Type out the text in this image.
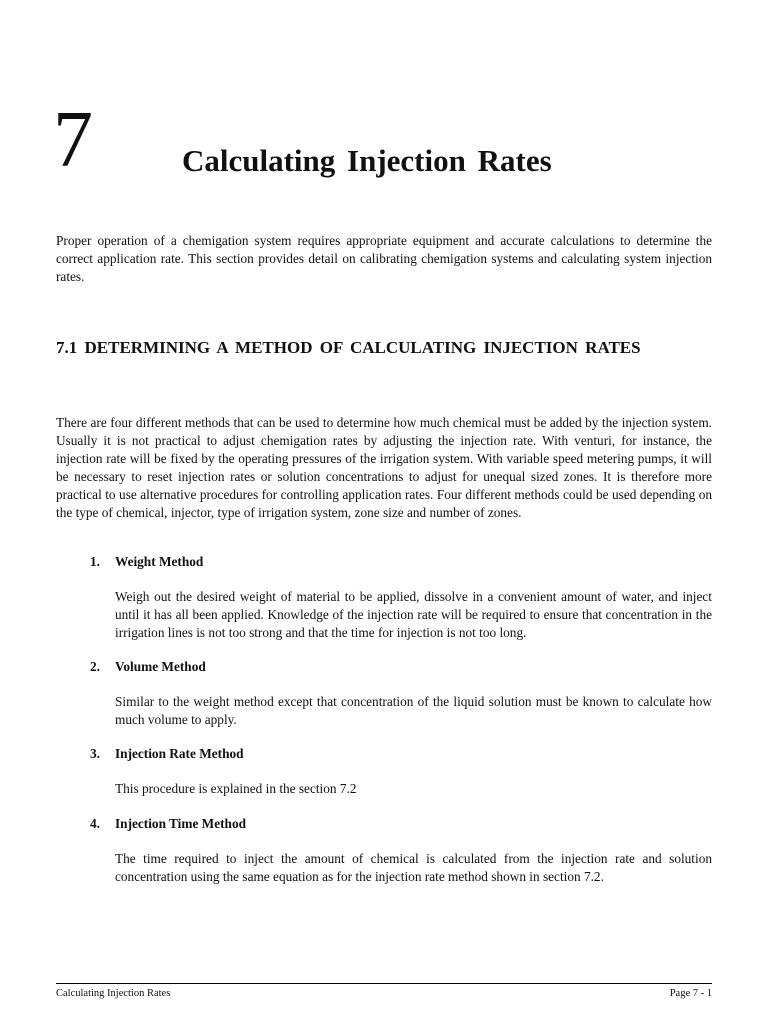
7	Calculating Injection Rates

Proper operation of a chemigation system requires appropriate equipment and accurate calculations to determine the correct application rate. This section provides detail on calibrating chemigation systems and calculating system injection rates.

7.1 DETERMINING A METHOD OF CALCULATING INJECTION RATES

There are four different methods that can be used to determine how much chemical must be added by the injection system. Usually it is not practical to adjust chemigation rates by adjusting the injection rate. With venturi, for instance, the injection rate will be fixed by the operating pressures of the irrigation system. With variable speed metering pumps, it will be necessary to reset injection rates or solution concentrations to adjust for unequal sized zones. It is therefore more practical to use alternative procedures for controlling application rates. Four different methods could be used depending on the type of chemical, injector, type of irrigation system, zone size and number of zones.

1. Weight Method

Weigh out the desired weight of material to be applied, dissolve in a convenient amount of water, and inject until it has all been applied. Knowledge of the injection rate will be required to ensure that concentration in the irrigation lines is not too strong and that the time for injection is not too long.

2. Volume Method

Similar to the weight method except that concentration of the liquid solution must be known to calculate how much volume to apply.

3. Injection Rate Method

This procedure is explained in the section 7.2

4. Injection Time Method

The time required to inject the amount of chemical is calculated from the injection rate and solution concentration using the same equation as for the injection rate method shown in section 7.2.

Calculating Injection Rates	Page 7 - 1
